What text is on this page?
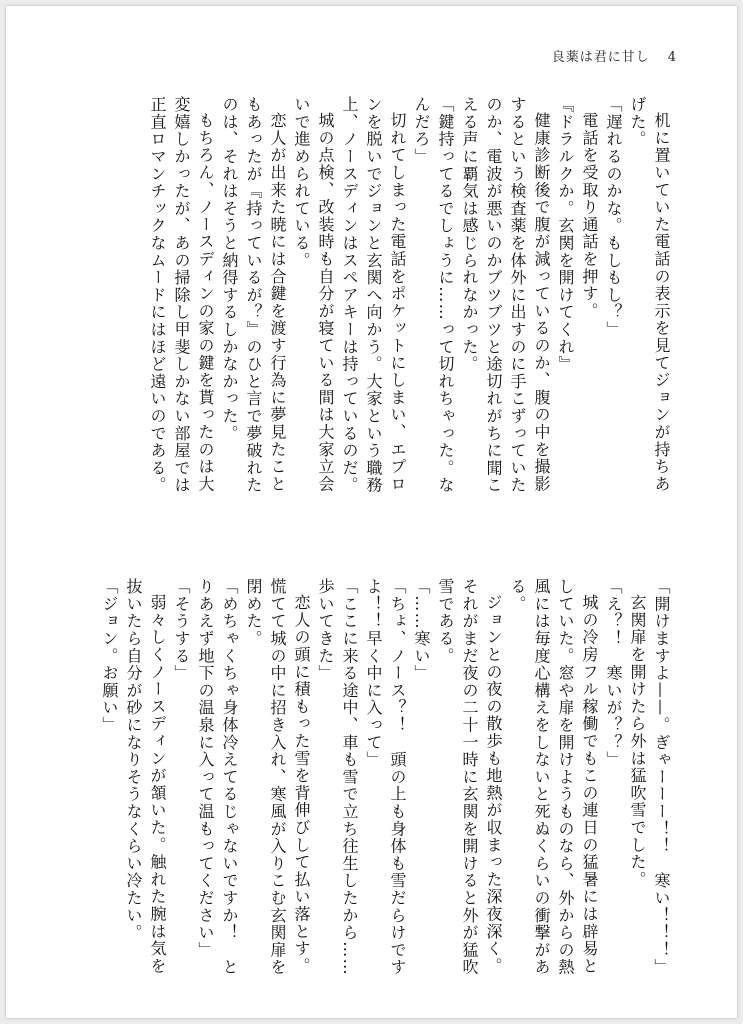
良薬は君に甘し 4

机に置いていた電話の表示を見てジョンが持ちあげた。

「遅れるのかな。もしもし？」

電話を受取り通話を押す。

『ドラルクか。玄関を開けてくれ』

健康診断後で腹が減っているのか、腹の中を撮影するという検査薬を体外に出すのに手こずっていたのか、電波が悪いのかブツブツと途切れがちに聞こえる声に覇気は感じられなかった。

「鍵持ってるでしょうに……って切れちゃった。なんだろ」

切れてしまった電話をポケットにしまい、エプロンを脱いでジョンと玄関へ向かう。大家という職務上、ノースディンはスペアキーは持っているのだ。

城の点検、改装時も自分が寝ている間は大家立会いで進められている。

恋人が出来た暁には合鍵を渡す行為に夢見たこともあったが『持っているが？』のひと言で夢破れたのは、それはそうと納得するしかなかった。

もちろん、ノースディンの家の鍵を貰ったのは大変嬉しかったが、あの掃除し甲斐しかない部屋では正直ロマンチックなムードにはほど遠いのである。

「開けますよ——。ぎゃーーー！！　寒い！！！」

玄関扉を開けたら外は猛吹雪でした。

「え？！　寒いが？？」

城の冷房フル稼働でもこの連日の猛暑には辟易としていた。窓や扉を開けようものなら、外からの熱風には毎度心構えをしないと死ぬくらいの衝撃がある。

ジョンとの夜の散歩も地熱が収まった深夜深く。それがまだ夜の二十一時に玄関を開けると外が猛吹雪である。

「……寒い」

「ちょ、ノース？！　頭の上も身体も雪だらけですよ！！早く中に入って」

「ここに来る途中、車も雪で立ち往生したから……歩いてきた」

恋人の頭に積もった雪を背伸びして払い落とす。慌てて城の中に招き入れ、寒風が入りこむ玄関扉を閉めた。

「めちゃくちゃ身体冷えてるじゃないですか！　とりあえず地下の温泉に入って温もってください」

「そうする」

弱々しくノースディンが頷いた。触れた腕は気を抜いたら自分が砂になりそうなくらい冷たい。

「ジョン。お願い」
